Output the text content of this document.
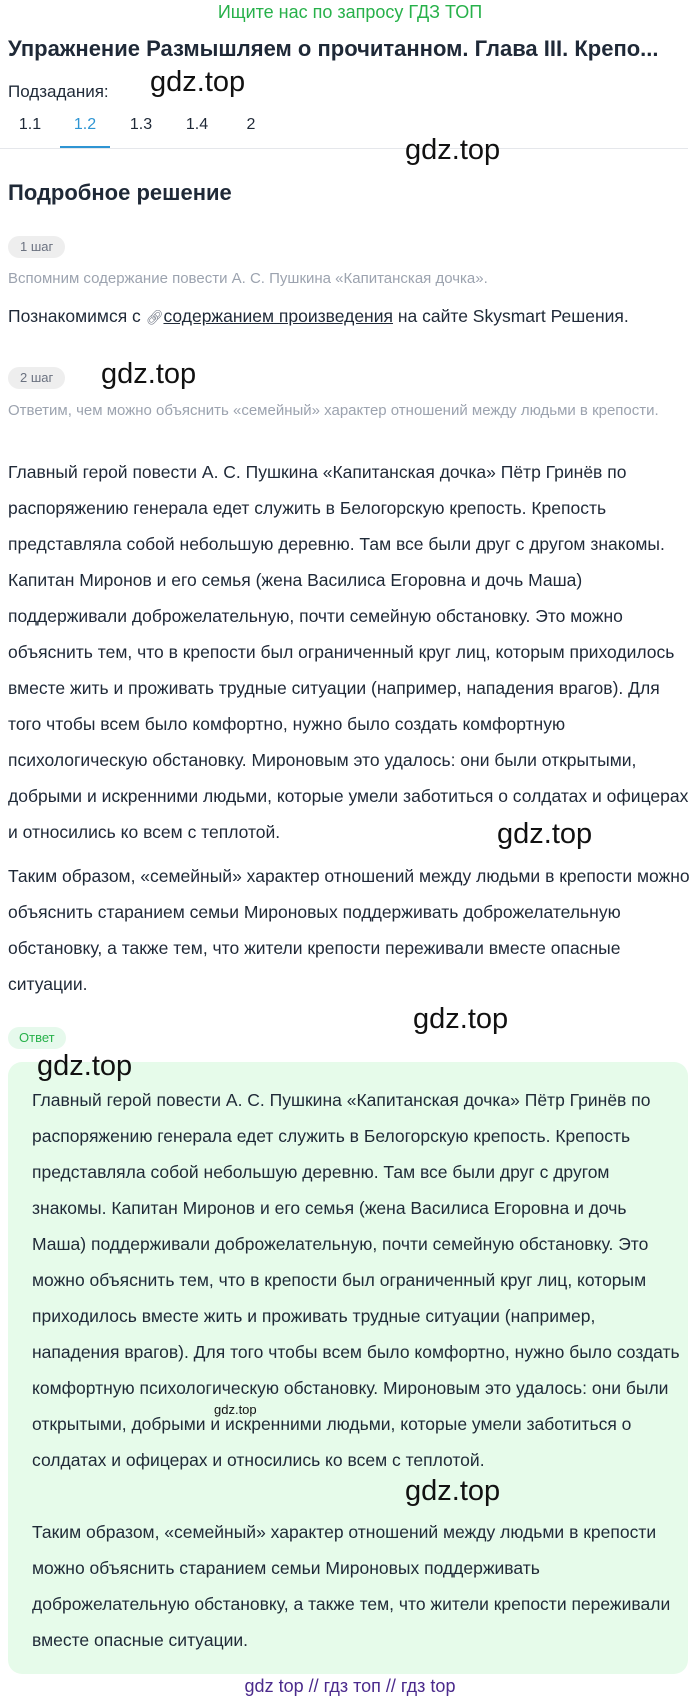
Ищите нас по запросу ГДЗ ТОП
Упражнение Размышляем о прочитанном. Глава III. Крепо...
Подзадания:
1.1	1.2	1.3	1.4	2
Подробное решение
1 шаг
Вспомним содержание повести А. С. Пушкина «Капитанская дочка».
Познакомимся с 🔗︎содержанием произведения на сайте Skysmart Решения.
2 шаг
Ответим, чем можно объяснить «семейный» характер отношений между людьми в крепости.
Главный герой повести А. С. Пушкина «Капитанская дочка» Пётр Гринёв по распоряжению генерала едет служить в Белогорскую крепость. Крепость представляла собой небольшую деревню. Там все были друг с другом знакомы. Капитан Миронов и его семья (жена Василиса Егоровна и дочь Маша) поддерживали доброжелательную, почти семейную обстановку. Это можно объяснить тем, что в крепости был ограниченный круг лиц, которым приходилось вместе жить и проживать трудные ситуации (например, нападения врагов). Для того чтобы всем было комфортно, нужно было создать комфортную психологическую обстановку. Мироновым это удалось: они были открытыми, добрыми и искренними людьми, которые умели заботиться о солдатах и офицерах и относились ко всем с теплотой.
Таким образом, «семейный» характер отношений между людьми в крепости можно объяснить старанием семьи Мироновых поддерживать доброжелательную обстановку, а также тем, что жители крепости переживали вместе опасные ситуации.
Ответ
Главный герой повести А. С. Пушкина «Капитанская дочка» Пётр Гринёв по распоряжению генерала едет служить в Белогорскую крепость. Крепость представляла собой небольшую деревню. Там все были друг с другом знакомы. Капитан Миронов и его семья (жена Василиса Егоровна и дочь Маша) поддерживали доброжелательную, почти семейную обстановку. Это можно объяснить тем, что в крепости был ограниченный круг лиц, которым приходилось вместе жить и проживать трудные ситуации (например, нападения врагов). Для того чтобы всем было комфортно, нужно было создать комфортную психологическую обстановку. Мироновым это удалось: они были открытыми, добрыми и искренними людьми, которые умели заботиться о солдатах и офицерах и относились ко всем с теплотой.
Таким образом, «семейный» характер отношений между людьми в крепости можно объяснить старанием семьи Мироновых поддерживать доброжелательную обстановку, а также тем, что жители крепости переживали вместе опасные ситуации.
gdz.top
gdz.top
gdz.top
gdz.top
gdz.top
gdz.top
gdz.top
gdz.top
gdz top // гдз топ // гдз top
